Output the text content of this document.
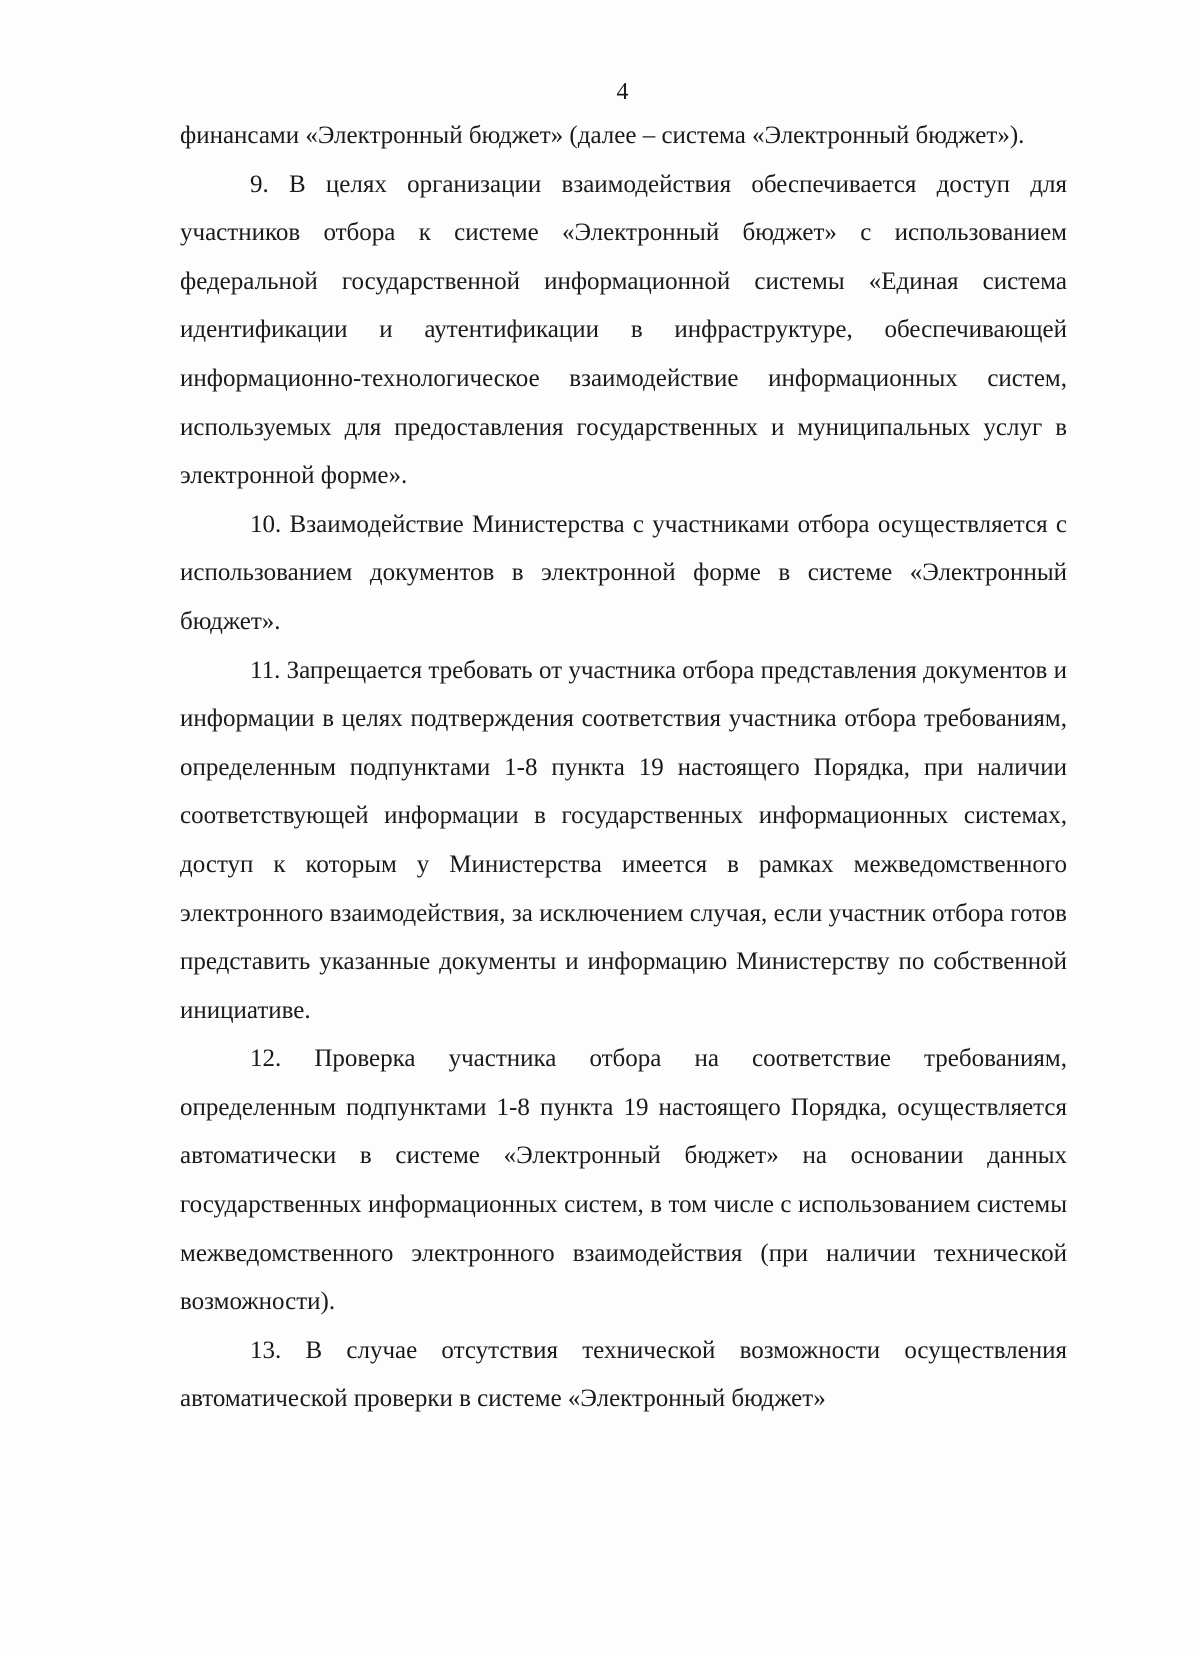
4

финансами «Электронный бюджет» (далее – система «Электронный бюджет»).

9. В целях организации взаимодействия обеспечивается доступ для участников отбора к системе «Электронный бюджет» с использованием федеральной государственной информационной системы «Единая система идентификации и аутентификации в инфраструктуре, обеспечивающей информационно-технологическое взаимодействие информационных систем, используемых для предоставления государственных и муниципальных услуг в электронной форме».

10. Взаимодействие Министерства с участниками отбора осуществляется с использованием документов в электронной форме в системе «Электронный бюджет».

11. Запрещается требовать от участника отбора представления документов и информации в целях подтверждения соответствия участника отбора требованиям, определенным подпунктами 1-8 пункта 19 настоящего Порядка, при наличии соответствующей информации в государственных информационных системах, доступ к которым у Министерства имеется в рамках межведомственного электронного взаимодействия, за исключением случая, если участник отбора готов представить указанные документы и информацию Министерству по собственной инициативе.

12. Проверка участника отбора на соответствие требованиям, определенным подпунктами 1-8 пункта 19 настоящего Порядка, осуществляется автоматически в системе «Электронный бюджет» на основании данных государственных информационных систем, в том числе с использованием системы межведомственного электронного взаимодействия (при наличии технической возможности).

13. В случае отсутствия технической возможности осуществления автоматической проверки в системе «Электронный бюджет»
